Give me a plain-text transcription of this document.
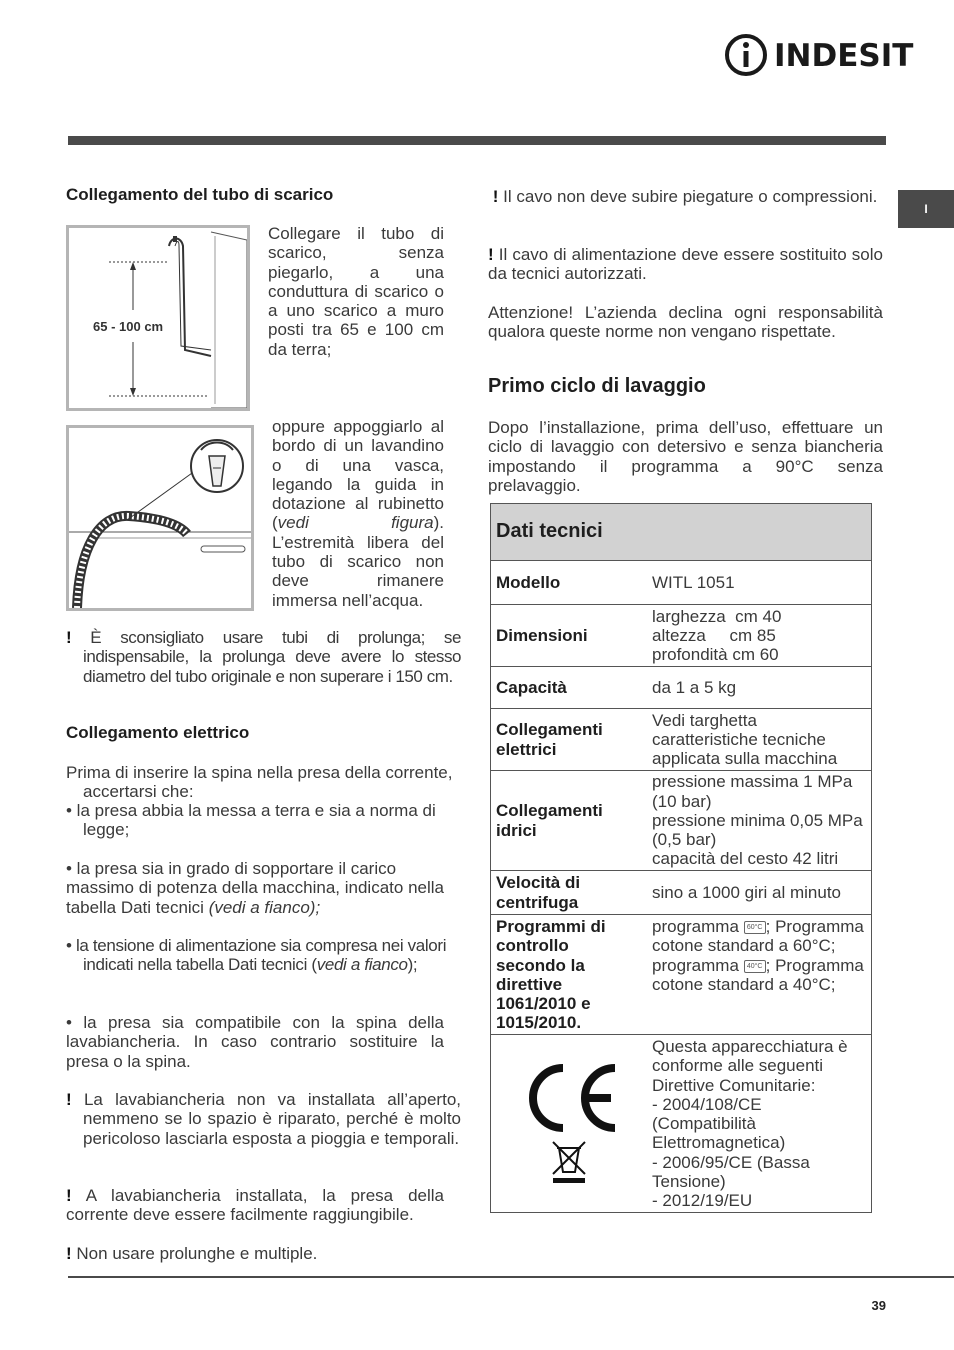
INDESIT
I
Collegamento del tubo di scarico
65 - 100 cm
Collegare il tubo di scarico, senza piegarlo, a una conduttura di scarico o a uno scarico a muro posti tra 65 e 100 cm da terra;
oppure appoggiarlo al bordo di un lavandino o di una vasca, legando la guida in dotazione al rubinetto (vedi figura). L’estremità libera del tubo di scarico non deve rimanere immersa nell’acqua.
! È sconsigliato usare tubi di prolunga; se indispensabile, la prolunga deve avere lo stesso diametro del tubo originale e non superare i 150 cm.
Collegamento elettrico
Prima di inserire la spina nella presa della corrente, accertarsi che:
• la presa abbia la messa a terra e sia a norma di legge;
• la presa sia in grado di sopportare il carico massimo di potenza della macchina, indicato nella tabella Dati tecnici (vedi a fianco);
• la tensione di alimentazione sia compresa nei valori indicati nella tabella Dati tecnici (vedi a fianco);
• la presa sia compatibile con la spina della lavabiancheria. In caso contrario sostituire la presa o la spina.
! La lavabiancheria non va installata all’aperto, nemmeno se lo spazio è riparato, perché è molto pericoloso lasciarla esposta a pioggia e temporali.
! A lavabiancheria installata, la presa della corrente deve essere facilmente raggiungibile.
! Non usare prolunghe e multiple.
! Il cavo non deve subire piegature o compressioni.
! Il cavo di alimentazione deve essere sostituito solo da tecnici autorizzati.
Attenzione! L’azienda declina ogni responsabilità qualora queste norme non vengano rispettate.
Primo ciclo di lavaggio
Dopo l’installazione, prima dell’uso, effettuare un ciclo di lavaggio con detersivo e senza biancheria impostando il programma a 90°C senza prelavaggio.
Dati tecnici	
Modello	WITL 1051
Dimensioni	larghezza  cm 40
altezza     cm 85
profondità cm 60

Capacità	da 1 a 5 kg
Collegamenti elettrici	Vedi targhetta caratteristiche tecniche applicata sulla macchina
Collegamenti idrici	pressione massima 1 MPa (10 bar)
pressione minima 0,05 MPa (0,5 bar)
capacità del cesto 42 litri

Velocità di centrifuga	sino a 1000 giri al minuto
Programmi di controllo secondo la direttive 1061/2010 e 1015/2010.	programma 60°C ; Programma cotone standard a 60°C;
programma 40°C ; Programma cotone standard a 40°C;

Questa apparecchiatura è conforme alle seguenti Direttive Comunitarie:
- 2004/108/CE (Compatibilità Elettromagnetica)
- 2006/95/CE (Bassa Tensione)
- 2012/19/EU
39
